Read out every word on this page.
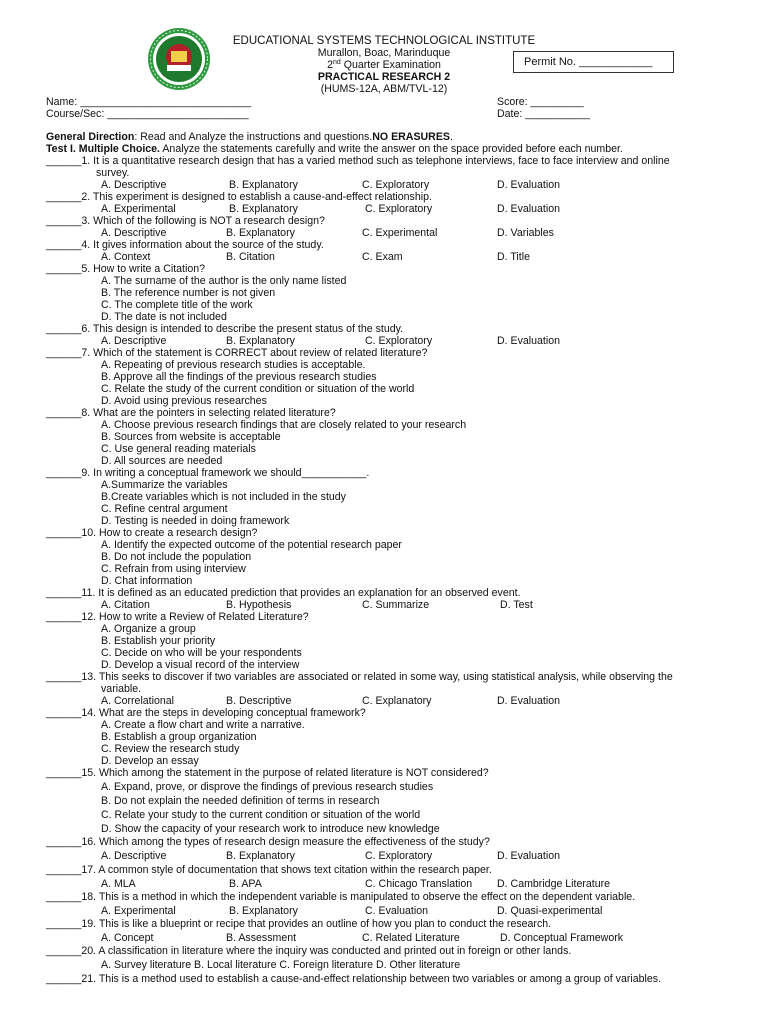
EDUCATIONAL SYSTEMS TECHNOLOGICAL INSTITUTE
Murallon, Boac, Marinduque
2nd Quarter Examination
PRACTICAL RESEARCH 2
(HUMS-12A, ABM/TVL-12)
Permit No. ____________
Name: _____________________________
Course/Sec: ________________________
Score: _________
Date: ___________
General Direction: Read and Analyze the instructions and questions.NO ERASURES.
Test I. Multiple Choice. Analyze the statements carefully and write the answer on the space provided before each number.
______1. It is a quantitative research design that has a varied method such as telephone interviews, face to face interview and online
survey.
A. Descriptive	B. Explanatory	C. Exploratory	D. Evaluation
______2. This experiment is designed to establish a cause-and-effect relationship.
A. Experimental	B. Explanatory	C. Exploratory	D. Evaluation
______3. Which of the following is NOT a research design?
A. Descriptive	B. Explanatory	C. Experimental	D. Variables
______4. It gives information about the source of the study.
A. Context	B. Citation	C. Exam	D. Title
______5. How to write a Citation?
A. The surname of the author is the only name listed
B. The reference number is not given
C. The complete title of the work
D. The date is not included
______6. This design is intended to describe the present status of the study.
A. Descriptive	B. Explanatory	C. Exploratory	D. Evaluation
______7. Which of the statement is CORRECT about review of related literature?
A. Repeating of previous research studies is acceptable.
B. Approve all the findings of the previous research studies
C. Relate the study of the current condition or situation of the world
D. Avoid using previous researches
______8. What are the pointers in selecting related literature?
A. Choose previous research findings that are closely related to your research
B. Sources from website is acceptable
C. Use general reading materials
D. All sources are needed
______9. In writing a conceptual framework we should___________.
A.Summarize the variables
B.Create variables which is not included in the study
C. Refine central argument
D. Testing is needed in doing framework
______10. How to create a research design?
A. Identify the expected outcome of the potential research paper
B. Do not include the population
C. Refrain from using interview
D. Chat information
______11. It is defined as an educated prediction that provides an explanation for an observed event.
A. Citation	B. Hypothesis	C. Summarize	D. Test
______12. How to write a Review of Related Literature?
A. Organize a group
B. Establish your priority
C. Decide on who will be your respondents
D. Develop a visual record of the interview
______13. This seeks to discover if two variables are associated or related in some way, using statistical analysis, while observing the
variable.
A. Correlational	B. Descriptive	C. Explanatory	D. Evaluation
______14. What are the steps in developing conceptual framework?
A. Create a flow chart and write a narrative.
B. Establish a group organization
C. Review the research study
D. Develop an essay
______15. Which among the statement in the purpose of related literature is NOT considered?
A. Expand, prove, or disprove the findings of previous research studies
B. Do not explain the needed definition of terms in research
C. Relate your study to the current condition or situation of the world
D. Show the capacity of your research work to introduce new knowledge
______16. Which among the types of research design measure the effectiveness of the study?
A. Descriptive	B. Explanatory	C. Exploratory	D. Evaluation
______17. A common style of documentation that shows text citation within the research paper.
A. MLA	B. APA	C. Chicago Translation D. Cambridge Literature
______18. This is a method in which the independent variable is manipulated to observe the effect on the dependent variable.
A. Experimental	B. Explanatory	C. Evaluation	D. Quasi-experimental
______19. This is like a blueprint or recipe that provides an outline of how you plan to conduct the research.
A. Concept	B. Assessment	C. Related Literature	D. Conceptual Framework
______20. A classification in literature where the inquiry was conducted and printed out in foreign or other lands.
A. Survey literature B. Local literature C. Foreign literature D. Other literature
______21. This is a method used to establish a cause-and-effect relationship between two variables or among a group of variables.
